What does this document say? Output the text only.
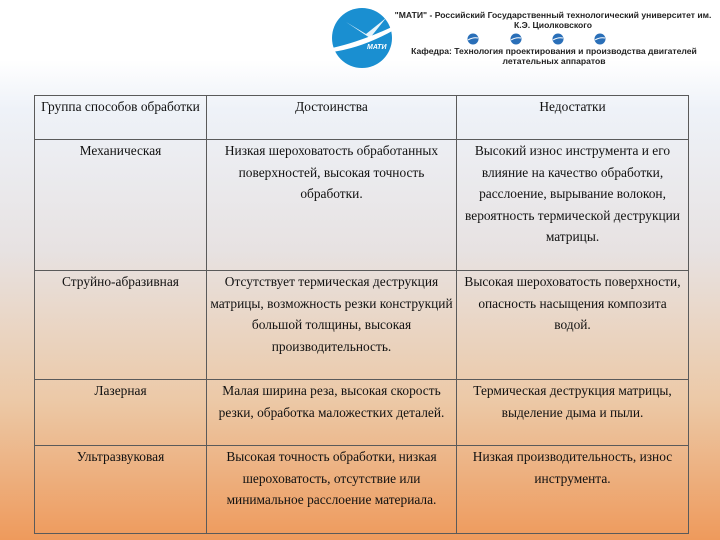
МАТИ
"МАТИ" - Российский Государственный технологический университет им. К.Э. Циолковского
Кафедра: Технология проектирования и производства двигателей летательных аппаратов
Группа способов обработки	Достоинства	Недостатки
Механическая	Низкая шероховатость обработанных поверхностей, высокая точность обработки.	Высокий износ инструмента и его влияние на качество обработки, расслоение, вырывание волокон, вероятность термической деструкции матрицы.
Струйно-абразивная	Отсутствует термическая деструкция матрицы, возможность резки конструкций большой толщины, высокая производительность.	Высокая шероховатость поверхности, опасность насыщения композита водой.
Лазерная	Малая ширина реза, высокая скорость резки, обработка маложестких деталей.	Термическая деструкция матрицы, выделение дыма и пыли.
Ультразвуковая	Высокая точность обработки, низкая шероховатость, отсутствие или минимальное расслоение материала.	Низкая производительность, износ инструмента.
